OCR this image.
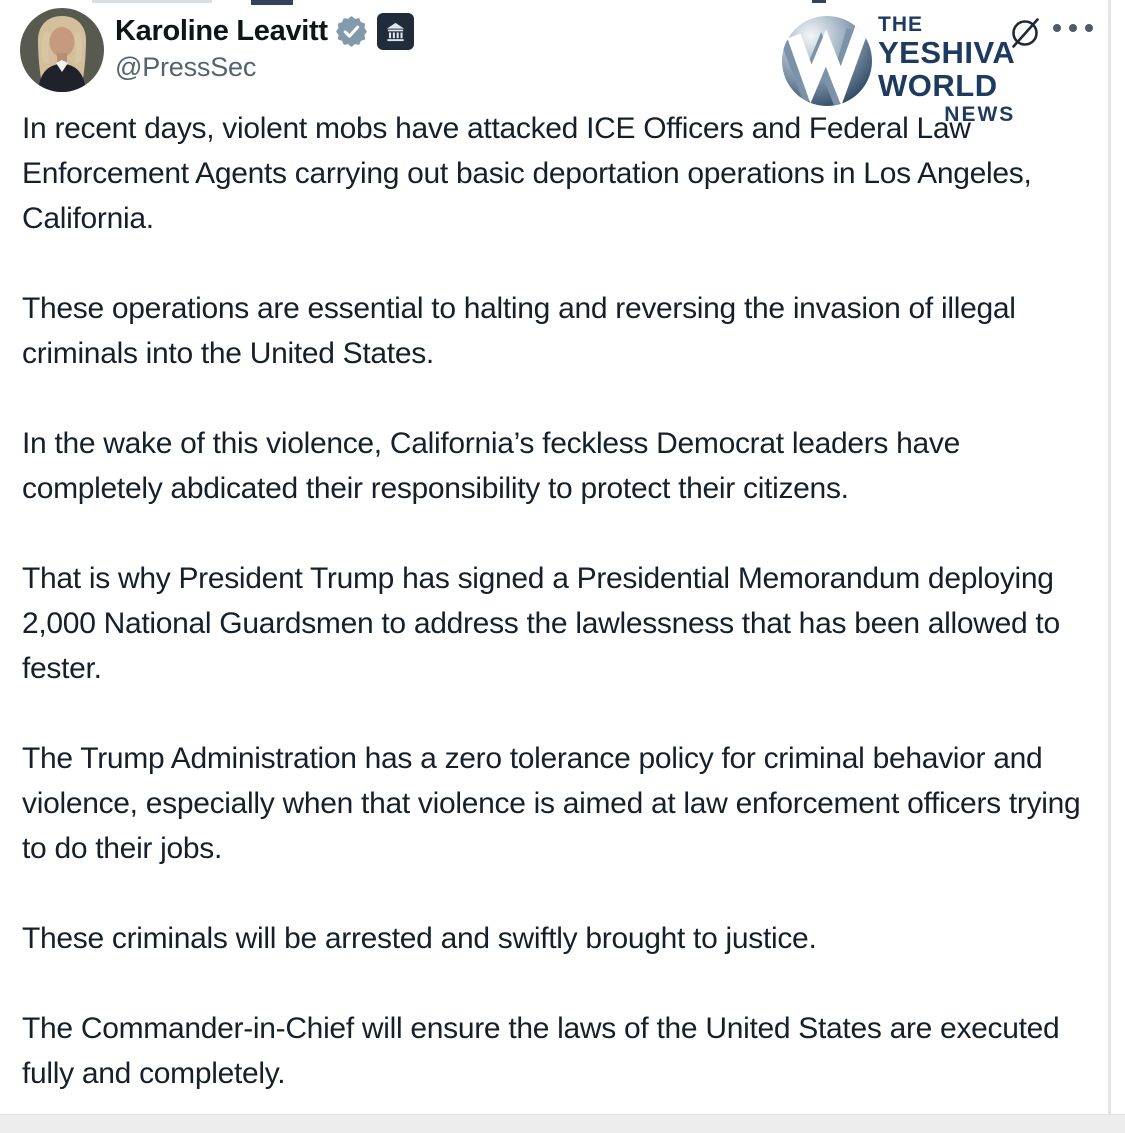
Karoline Leavitt
@PressSec
THE
YESHIVA
WORLD
NEWS

In recent days, violent mobs have attacked ICE Officers and Federal Law Enforcement Agents carrying out basic deportation operations in Los Angeles, California.

These operations are essential to halting and reversing the invasion of illegal criminals into the United States.

In the wake of this violence, California’s feckless Democrat leaders have completely abdicated their responsibility to protect their citizens.

That is why President Trump has signed a Presidential Memorandum deploying 2,000 National Guardsmen to address the lawlessness that has been allowed to fester.

The Trump Administration has a zero tolerance policy for criminal behavior and violence, especially when that violence is aimed at law enforcement officers trying to do their jobs.

These criminals will be arrested and swiftly brought to justice.

The Commander-in-Chief will ensure the laws of the United States are executed fully and completely.
